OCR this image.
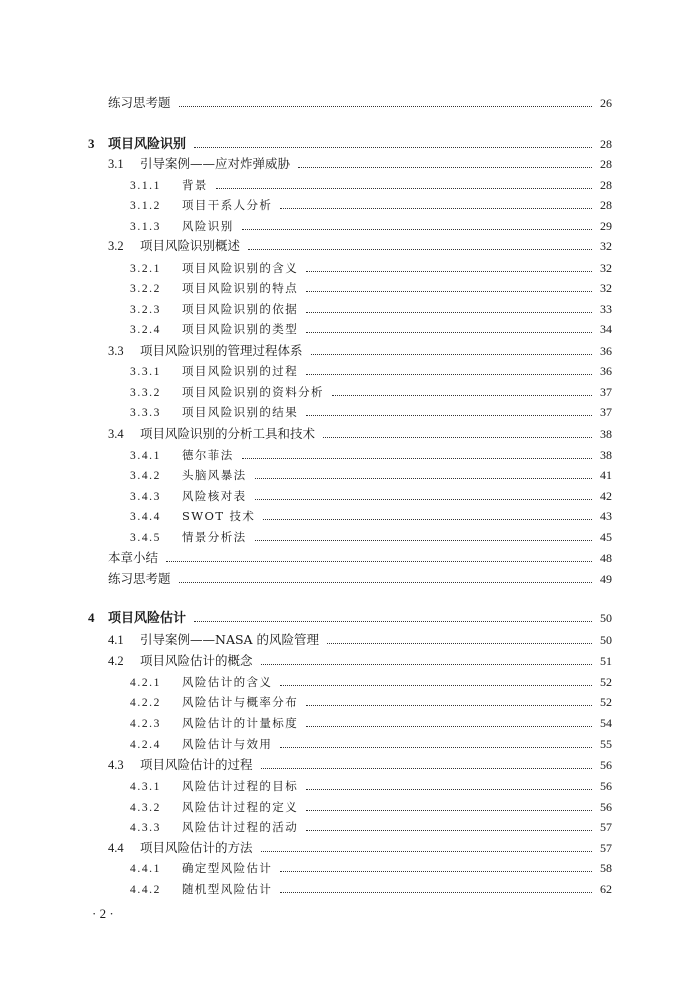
练习思考题	26
3 项目风险识别	28
3.1 引导案例——应对炸弹威胁	28
3.1.1 背景	28
3.1.2 项目干系人分析	28
3.1.3 风险识别	29
3.2 项目风险识别概述	32
3.2.1 项目风险识别的含义	32
3.2.2 项目风险识别的特点	32
3.2.3 项目风险识别的依据	33
3.2.4 项目风险识别的类型	34
3.3 项目风险识别的管理过程体系	36
3.3.1 项目风险识别的过程	36
3.3.2 项目风险识别的资料分析	37
3.3.3 项目风险识别的结果	37
3.4 项目风险识别的分析工具和技术	38
3.4.1 德尔菲法	38
3.4.2 头脑风暴法	41
3.4.3 风险核对表	42
3.4.4 SWOT 技术	43
3.4.5 情景分析法	45
本章小结	48
练习思考题	49
4 项目风险估计	50
4.1 引导案例——NASA 的风险管理	50
4.2 项目风险估计的概念	51
4.2.1 风险估计的含义	52
4.2.2 风险估计与概率分布	52
4.2.3 风险估计的计量标度	54
4.2.4 风险估计与效用	55
4.3 项目风险估计的过程	56
4.3.1 风险估计过程的目标	56
4.3.2 风险估计过程的定义	56
4.3.3 风险估计过程的活动	57
4.4 项目风险估计的方法	57
4.4.1 确定型风险估计	58
4.4.2 随机型风险估计	62
· 2 ·
